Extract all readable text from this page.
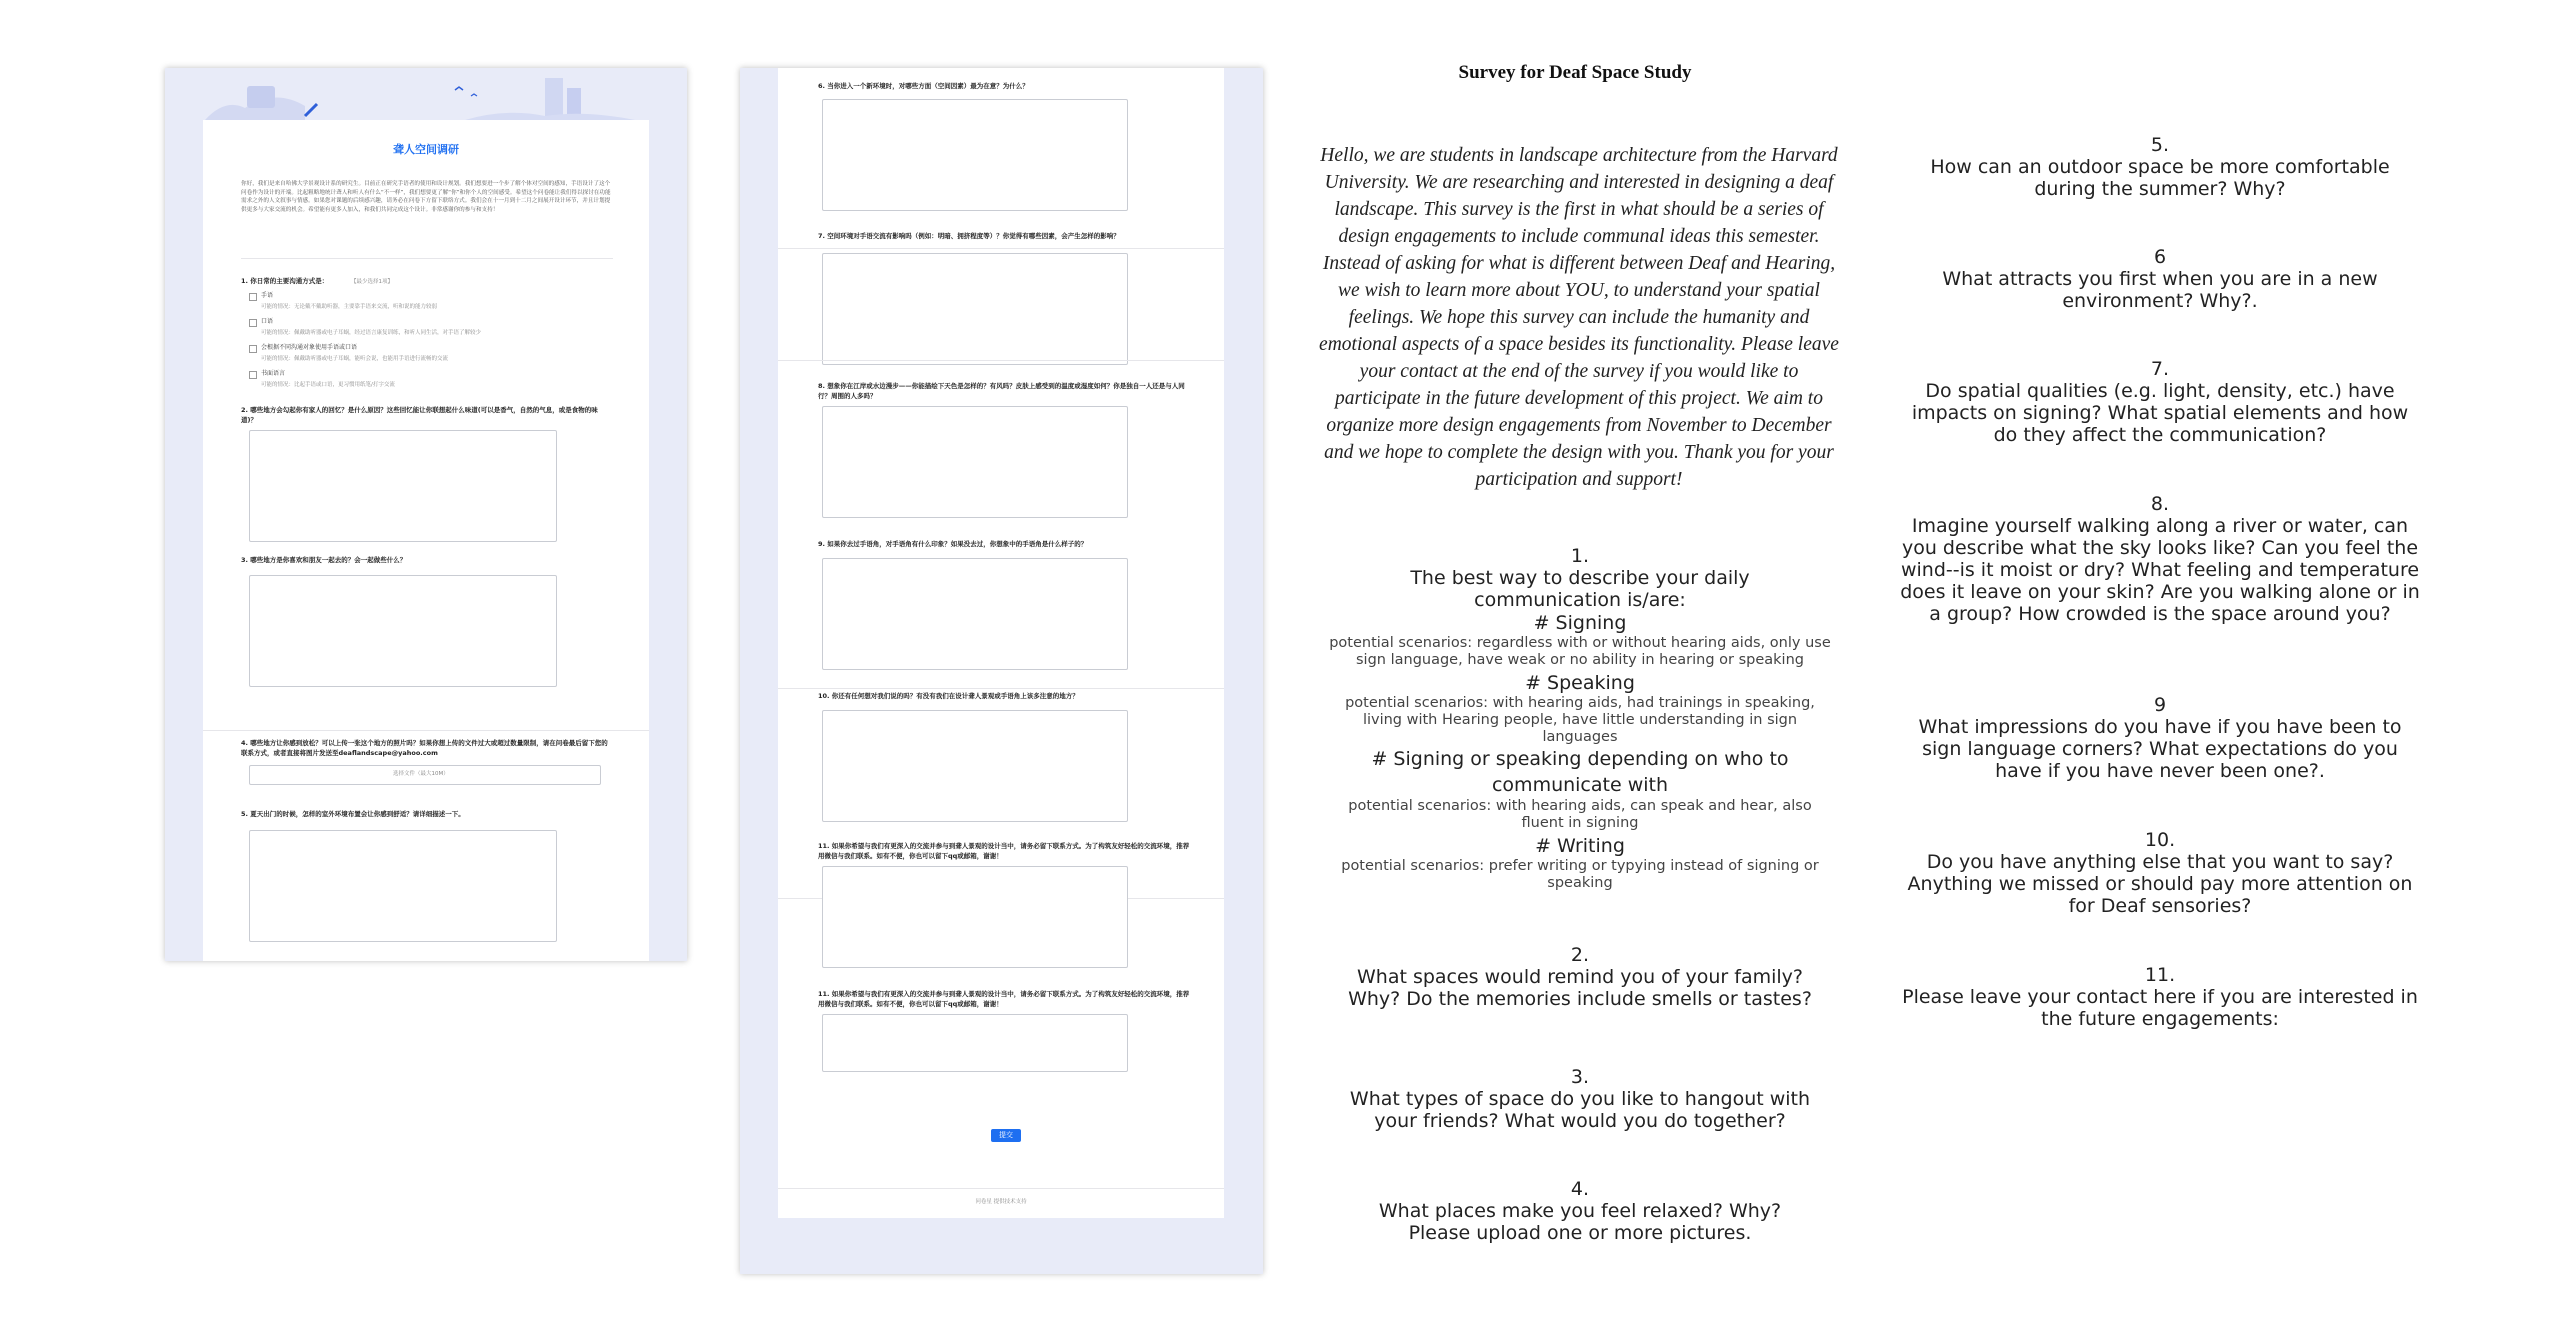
聋人空间调研
你好，我们是来自哈佛大学景观设计系的研究生。目前正在研究手语者的使用和设计规划。我们想要进一个步了解个体对空间的感知，手语设计了这个问卷作为设计的开端。比起粗略地统计聋人和听人有什么“不一样”，我们想要更了解“你”和你个人的空间感受。希望这个问卷能让我们得以探讨在功能需求之外的人文叙事与情感。如果您对课题的后续感兴趣，请务必在问卷下方留下联络方式。我们会在十一月到十二月之间展开设计环节，并且计划提供更多与大家交流的机会。希望能有更多人加入，和我们共同完成这个设计。非常感谢你的参与和支持！
1. 你日常的主要沟通方式是：	【最少选择1项】
手语
可能的情况：无论戴不戴助听器，主要靠手语来交流，听和说的能力较弱
口语
可能的情况：佩戴助听器或电子耳蜗，经过语言康复训练，和听人同生活，对手语了解较少
会根据不同沟通对象使用手语或口语
可能的情况：佩戴助听器或电子耳蜗，能听会说，也能用手语进行流畅的交流
书面语言
可能的情况：比起手语或口语，更习惯用纸笔/打字交流
2. 哪些地方会勾起你有家人的回忆？是什么原因？这些回忆能让你联想起什么味道(可以是香气，自然的气息，或是食物的味道)？
3. 哪些地方是你喜欢和朋友一起去的？会一起做些什么？
4. 哪些地方让你感到放松？可以上传一张这个地方的照片吗？如果你想上传的文件过大或超过数量限制，请在问卷最后留下您的联系方式，或者直接将图片发送至deaflandscape@yahoo.com
选择文件（最大10M）
5. 夏天出门的时候，怎样的室外环境布置会让你感到舒适？请详细描述一下。
6. 当你进入一个新环境时，对哪些方面（空间因素）最为在意？为什么？
7. 空间环境对手语交流有影响吗（例如：明暗、拥挤程度等）？你觉得有哪些因素，会产生怎样的影响？
8. 想象你在江岸或水边漫步——你能描绘下天色是怎样的？有风吗？皮肤上感受到的温度或湿度如何？你是独自一人还是与人同行？周围的人多吗？
9. 如果你去过手语角，对手语角有什么印象？如果没去过，你想象中的手语角是什么样子的？
10. 你还有任何想对我们说的吗？有没有我们在设计聋人景观或手语角上该多注意的地方？
11. 如果你希望与我们有更深入的交流并参与到聋人景观的设计当中，请务必留下联系方式。为了构筑友好轻松的交流环境，推荐用微信与我们联系。如有不便，你也可以留下qq或邮箱，谢谢！
11. 如果你希望与我们有更深入的交流并参与到聋人景观的设计当中，请务必留下联系方式。为了构筑友好轻松的交流环境，推荐用微信与我们联系。如有不便，你也可以留下qq或邮箱，谢谢！
提交
问卷星 提供技术支持
Survey for Deaf Space Study
Hello, we are students in landscape architecture from the Harvard University. We are researching and interested in designing a deaf landscape. This survey is the first in what should be a series of design engagements to include communal ideas this semester. Instead of asking for what is different between Deaf and Hearing, we wish to learn more about YOU, to understand your spatial feelings. We hope this survey can include the humanity and emotional aspects of a space besides its functionality. Please leave your contact at the end of the survey if you would like to participate in the future development of this project. We aim to organize more design engagements from November to December and we hope to complete the design with you. Thank you for your participation and support!
1.
The best way to describe your daily communication is/are:
# Signing
potential scenarios: regardless with or without hearing aids, only use sign language, have weak or no ability in hearing or speaking
# Speaking
potential scenarios: with hearing aids, had trainings in speaking, living with Hearing people, have little understanding in sign languages
# Signing or speaking depending on who to communicate with
potential scenarios: with hearing aids, can speak and hear, also fluent in signing
# Writing
potential scenarios: prefer writing or typying instead of signing or speaking
2.
What spaces would remind you of your family? Why? Do the memories include smells or tastes?
3.
What types of space do you like to hangout with your friends? What would you do together?
4.
What places make you feel relaxed? Why? Please upload one or more pictures.
5.
How can an outdoor space be more comfortable during the summer? Why?
6
What attracts you first when you are in a new environment? Why?.
7.
Do spatial qualities (e.g. light, density, etc.) have impacts on signing? What spatial elements and how do they affect the communication?
8.
Imagine yourself walking along a river or water, can you describe what the sky looks like? Can you feel the wind--is it moist or dry? What feeling and temperature does it leave on your skin? Are you walking alone or in a group? How crowded is the space around you?
9
What impressions do you have if you have been to sign language corners? What expectations do you have if you have never been one?.
10.
Do you have anything else that you want to say? Anything we missed or should pay more attention on for Deaf sensories?
11.
Please leave your contact here if you are interested in the future engagements:
